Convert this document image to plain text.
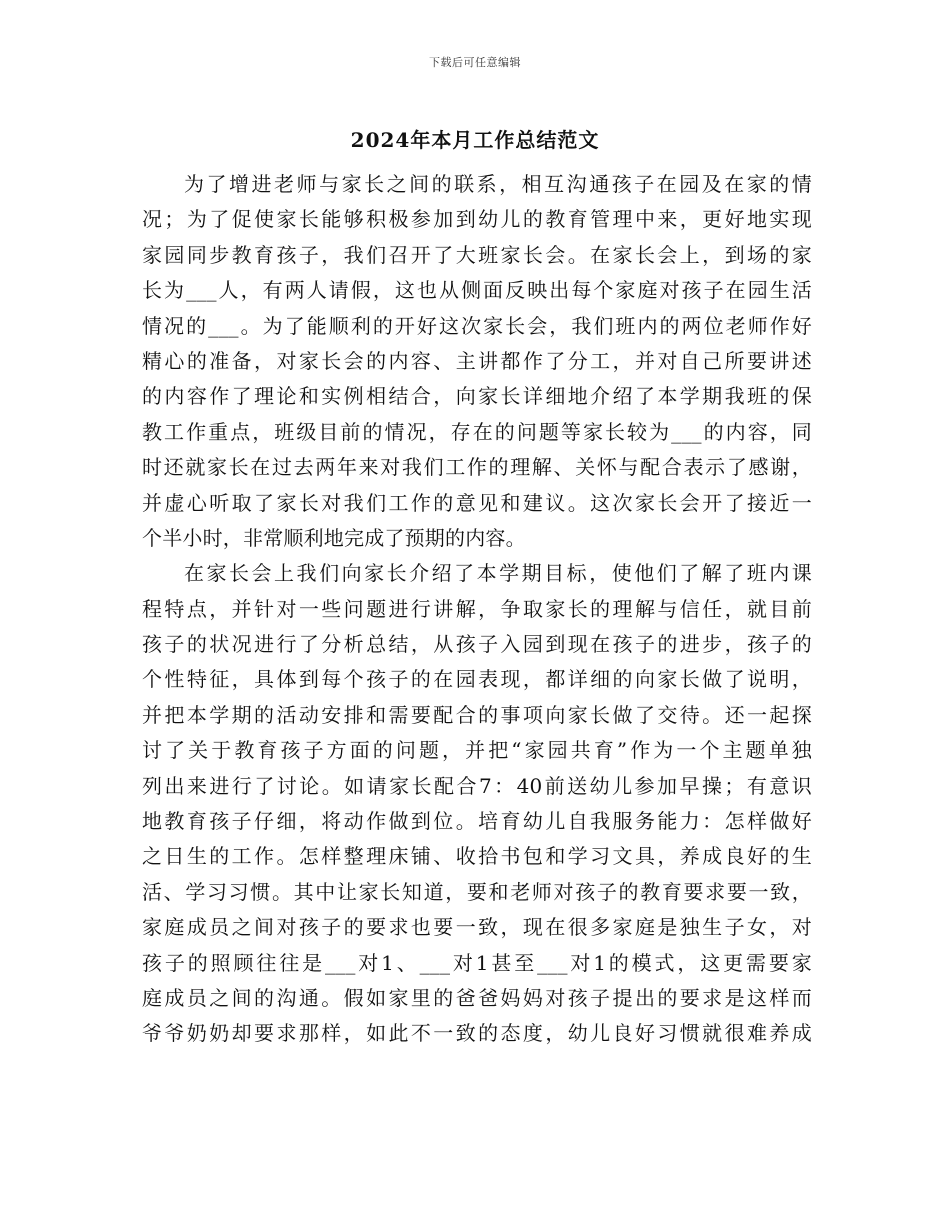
下载后可任意编辑
2024年本月工作总结范文
为了增进老师与家长之间的联系，相互沟通孩子在园及在家的情
况；为了促使家长能够积极参加到幼儿的教育管理中来，更好地实现
家园同步教育孩子，我们召开了大班家长会。在家长会上，到场的家
长为___人，有两人请假，这也从侧面反映出每个家庭对孩子在园生活
情况的___。为了能顺利的开好这次家长会，我们班内的两位老师作好
精心的准备，对家长会的内容、主讲都作了分工，并对自己所要讲述
的内容作了理论和实例相结合，向家长详细地介绍了本学期我班的保
教工作重点，班级目前的情况，存在的问题等家长较为___的内容，同
时还就家长在过去两年来对我们工作的理解、关怀与配合表示了感谢，
并虚心听取了家长对我们工作的意见和建议。这次家长会开了接近一
个半小时，非常顺利地完成了预期的内容。
在家长会上我们向家长介绍了本学期目标，使他们了解了班内课
程特点，并针对一些问题进行讲解，争取家长的理解与信任，就目前
孩子的状况进行了分析总结，从孩子入园到现在孩子的进步，孩子的
个性特征，具体到每个孩子的在园表现，都详细的向家长做了说明，
并把本学期的活动安排和需要配合的事项向家长做了交待。还一起探
讨了关于教育孩子方面的问题，并把“家园共育”作为一个主题单独
列出来进行了讨论。如请家长配合7：40前送幼儿参加早操；有意识
地教育孩子仔细，将动作做到位。培育幼儿自我服务能力：怎样做好
之日生的工作。怎样整理床铺、收拾书包和学习文具，养成良好的生
活、学习习惯。其中让家长知道，要和老师对孩子的教育要求要一致，
家庭成员之间对孩子的要求也要一致，现在很多家庭是独生子女，对
孩子的照顾往往是___对1、___对1甚至___对1的模式，这更需要家
庭成员之间的沟通。假如家里的爸爸妈妈对孩子提出的要求是这样而
爷爷奶奶却要求那样，如此不一致的态度，幼儿良好习惯就很难养成
